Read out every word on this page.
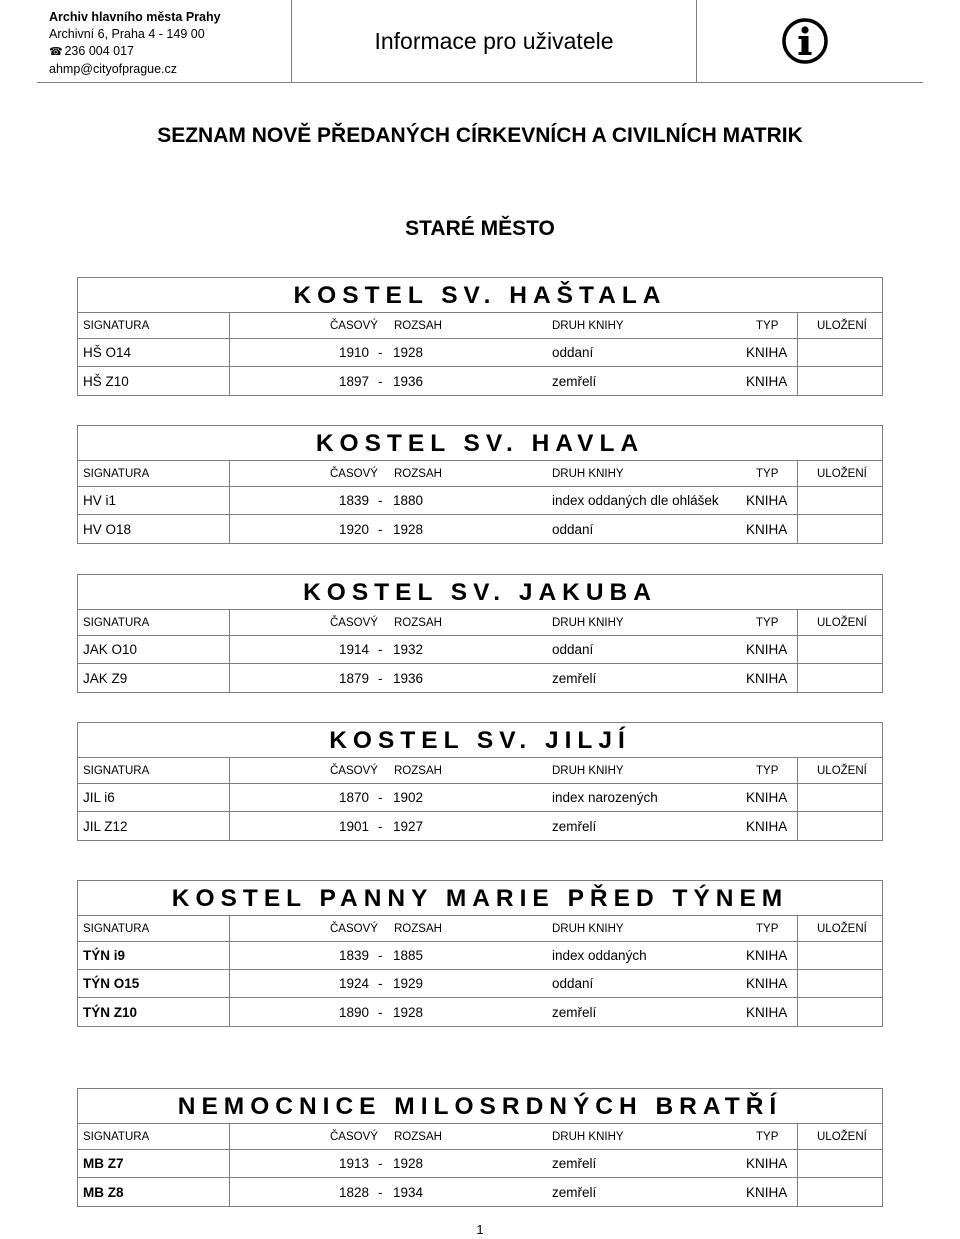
Archiv hlavního města Prahy
Archivní 6, Praha 4 - 149 00
☎ 236 004 017
ahmp@cityofprague.cz
Informace pro uživatele
SEZNAM NOVĚ PŘEDANÝCH CÍRKEVNÍCH A CIVILNÍCH MATRIK
STARÉ MĚSTO
KOSTEL SV. HAŠTALA
SIGNATURA	ČASOVÝ ROZSAH	DRUH KNIHY	TYP	ULOŽENÍ
HŠ O14	1910 - 1928	oddaní	KNIHA
HŠ Z10	1897 - 1936	zemřelí	KNIHA
KOSTEL SV. HAVLA
SIGNATURA	ČASOVÝ ROZSAH	DRUH KNIHY	TYP	ULOŽENÍ
HV i1	1839 - 1880	index oddaných dle ohlášek KNIHA
HV O18	1920 - 1928	oddaní	KNIHA
KOSTEL SV. JAKUBA
SIGNATURA	ČASOVÝ ROZSAH	DRUH KNIHY	TYP	ULOŽENÍ
JAK O10	1914 - 1932	oddaní	KNIHA
JAK Z9	1879 - 1936	zemřelí	KNIHA
KOSTEL SV. JILJÍ
SIGNATURA	ČASOVÝ ROZSAH	DRUH KNIHY	TYP	ULOŽENÍ
JIL i6	1870 - 1902	index narozených	KNIHA
JIL Z12	1901 - 1927	zemřelí	KNIHA
KOSTEL PANNY MARIE PŘED TÝNEM
SIGNATURA	ČASOVÝ ROZSAH	DRUH KNIHY	TYP	ULOŽENÍ
TÝN i9	1839 - 1885	index oddaných	KNIHA
TÝN O15	1924 - 1929	oddaní	KNIHA
TÝN Z10	1890 - 1928	zemřelí	KNIHA
NEMOCNICE MILOSRDNÝCH BRATŘÍ
SIGNATURA	ČASOVÝ ROZSAH	DRUH KNIHY	TYP	ULOŽENÍ
MB Z7	1913 - 1928	zemřelí	KNIHA
MB Z8	1828 - 1934	zemřelí	KNIHA
1
